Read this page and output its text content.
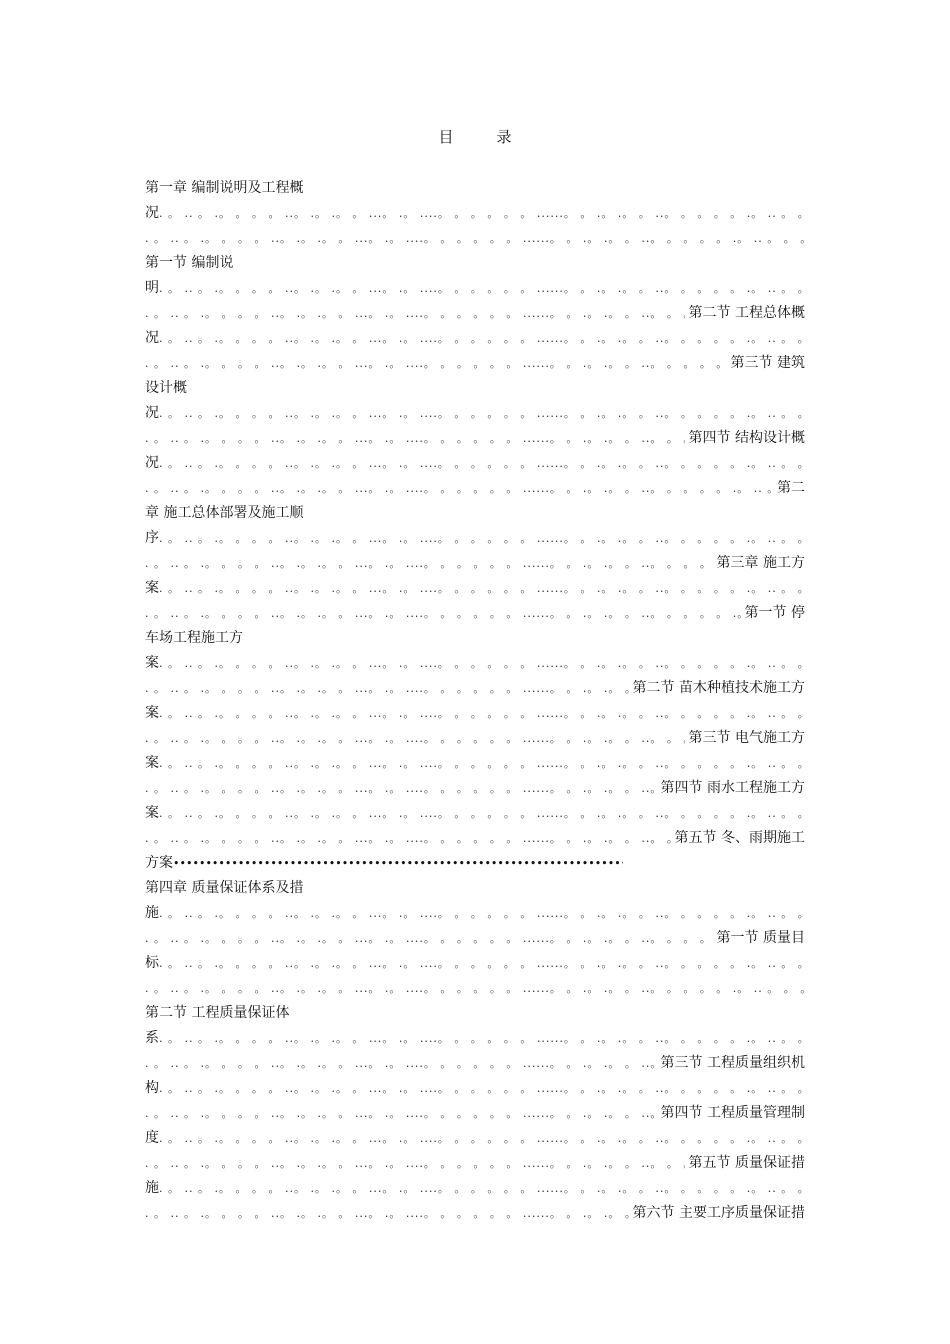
目　录
第一章 编制说明及工程概
况
. 。 .. 。 .。 。 。 。 ..。 .。 .。 。 ...。 .。 ....。 。 。 。 。 。 ......。 。 .。 .。 。 ..。 。 。 。 。 .。 .. 。 。 。 。 .。 。 .。 ...。 ..。 。 。 。 .....。 。 。 。 。 ..。 。 。 。 。 .。 。 .。 . . 。 。 。 .。 ..。 。 。 。 。 。 ..。 。 。 。 。 .。 。 。 。
. 。 .. 。 .。 。 。 。 ..。 .。 .。 。 ...。 .。 ....。 。 。 。 。 。 ......。 。 .。 .。 。 ..。 。 。 。 。 .。 .. 。 。 。 。 .。 。 .。 ...。 ..。 。 。 。 .....。 。 。 。 。 ..。 。 。 。 。 .。 。 .。 . . 。 。 。 .。 ..。 。 。 。 。 。 ..。 。 。 。 。 .。 。 。 。
第一节 编制说
明
. 。 .. 。 .。 。 。 。 ..。 .。 .。 。 ...。 .。 ....。 。 。 。 。 。 ......。 。 .。 .。 。 ..。 。 。 。 。 .。 .. 。 。 。 。 .。 。 .。 ...。 ..。 。 。 。 .....。 。 。 。 。 ..。 。 。 。 。 .。 。 .。 . . 。 。 。 .。 ..。 。 。 。 。 。 ..。 。 。 。 。 .。 。 。 。
. 。 .. 。 .。 。 。 。 ..。 .。 .。 。 ...。 .。 ....。 。 。 。 。 。 ......。 。 .。 .。 。 ..。 。 。 。 。 .。 .. 。 。 。 。 .。 。 .。 ...。 ..。 。 。 。 .....。 。 。 。 。 ..。 。 。 。 。 .。 。 .。 . . 。 。 。 .。 ..。 。 。 。 。 。 ..。 。 。 。 。 .。 。 。 。
第二节 工程总体概
况
. 。 .. 。 .。 。 。 。 ..。 .。 .。 。 ...。 .。 ....。 。 。 。 。 。 ......。 。 .。 .。 。 ..。 。 。 。 。 .。 .. 。 。 。 。 .。 。 .。 ...。 ..。 。 。 。 .....。 。 。 。 。 ..。 。 。 。 。 .。 。 .。 . . 。 。 。 .。 ..。 。 。 。 。 。 ..。 。 。 。 。 .。 。 。 。
. 。 .. 。 .。 。 。 。 ..。 .。 .。 。 ...。 .。 ....。 。 。 。 。 。 ......。 。 .。 .。 。 ..。 。 。 。 。 .。 .. 。 。 。 。 .。 。 .。 ...。 ..。 。 。 。 .....。 。 。 。 。 ..。 。 。 。 。 .。 。 .。 . . 。 。 。 .。 ..。 。 。 。 。 。 ..。 。 。 。 。 .。 。 。 。
第三节 建筑
设计概
况
. 。 .. 。 .。 。 。 。 ..。 .。 .。 。 ...。 .。 ....。 。 。 。 。 。 ......。 。 .。 .。 。 ..。 。 。 。 。 .。 .. 。 。 。 。 .。 。 .。 ...。 ..。 。 。 。 .....。 。 。 。 。 ..。 。 。 。 。 .。 。 .。 . . 。 。 。 .。 ..。 。 。 。 。 。 ..。 。 。 。 。 .。 。 。 。
. 。 .. 。 .。 。 。 。 ..。 .。 .。 。 ...。 .。 ....。 。 。 。 。 。 ......。 。 .。 .。 。 ..。 。 。 。 。 .。 .. 。 。 。 。 .。 。 .。 ...。 ..。 。 。 。 .....。 。 。 。 。 ..。 。 。 。 。 .。 。 .。 . . 。 。 。 .。 ..。 。 。 。 。 。 ..。 。 。 。 。 .。 。 。 。
第四节 结构设计概
况
. 。 .. 。 .。 。 。 。 ..。 .。 .。 。 ...。 .。 ....。 。 。 。 。 。 ......。 。 .。 .。 。 ..。 。 。 。 。 .。 .. 。 。 。 。 .。 。 .。 ...。 ..。 。 。 。 .....。 。 。 。 。 ..。 。 。 。 。 .。 。 .。 . . 。 。 。 .。 ..。 。 。 。 。 。 ..。 。 。 。 。 .。 。 。 。
. 。 .. 。 .。 。 。 。 ..。 .。 .。 。 ...。 .。 ....。 。 。 。 。 。 ......。 。 .。 .。 。 ..。 。 。 。 。 .。 .. 。 。 。 。 .。 。 .。 ...。 ..。 。 。 。 .....。 。 。 。 。 ..。 。 。 。 。 .。 。 .。 . . 。 。 。 .。 ..。 。 。 。 。 。 ..。 。 。 。 。 .。 。 。 。
第二
章 施工总体部署及施工顺
序
. 。 .. 。 .。 。 。 。 ..。 .。 .。 。 ...。 .。 ....。 。 。 。 。 。 ......。 。 .。 .。 。 ..。 。 。 。 。 .。 .. 。 。 。 。 .。 。 .。 ...。 ..。 。 。 。 .....。 。 。 。 。 ..。 。 。 。 。 .。 。 .。 . . 。 。 。 .。 ..。 。 。 。 。 。 ..。 。 。 。 。 .。 。 。 。
. 。 .. 。 .。 。 。 。 ..。 .。 .。 。 ...。 .。 ....。 。 。 。 。 。 ......。 。 .。 .。 。 ..。 。 。 。 。 .。 .. 。 。 。 。 .。 。 .。 ...。 ..。 。 。 。 .....。 。 。 。 。 ..。 。 。 。 。 .。 。 .。 . . 。 。 。 .。 ..。 。 。 。 。 。 ..。 。 。 。 。 .。 。 。 。
第三章 施工方
案
. 。 .. 。 .。 。 。 。 ..。 .。 .。 。 ...。 .。 ....。 。 。 。 。 。 ......。 。 .。 .。 。 ..。 。 。 。 。 .。 .. 。 。 。 。 .。 。 .。 ...。 ..。 。 。 。 .....。 。 。 。 。 ..。 。 。 。 。 .。 。 .。 . . 。 。 。 .。 ..。 。 。 。 。 。 ..。 。 。 。 。 .。 。 。 。
. 。 .. 。 .。 。 。 。 ..。 .。 .。 。 ...。 .。 ....。 。 。 。 。 。 ......。 。 .。 .。 。 ..。 。 。 。 。 .。 .. 。 。 。 。 .。 。 .。 ...。 ..。 。 。 。 .....。 。 。 。 。 ..。 。 。 。 。 .。 。 .。 . . 。 。 。 .。 ..。 。 。 。 。 。 ..。 。 。 。 。 .。 。 。 。
第一节 停
车场工程施工方
案
. 。 .. 。 .。 。 。 。 ..。 .。 .。 。 ...。 .。 ....。 。 。 。 。 。 ......。 。 .。 .。 。 ..。 。 。 。 。 .。 .. 。 。 。 。 .。 。 .。 ...。 ..。 。 。 。 .....。 。 。 。 。 ..。 。 。 。 。 .。 。 .。 . . 。 。 。 .。 ..。 。 。 。 。 。 ..。 。 。 。 。 .。 。 。 。
. 。 .. 。 .。 。 。 。 ..。 .。 .。 。 ...。 .。 ....。 。 。 。 。 。 ......。 。 .。 .。 。 ..。 。 。 。 。 .。 .. 。 。 。 。 .。 。 .。 ...。 ..。 。 。 。 .....。 。 。 。 。 ..。 。 。 。 。 .。 。 .。 . . 。 。 。 .。 ..。 。 。 。 。 。 ..。 。 。 。 。 .。 。 。 。
第二节 苗木种植技术施工方
案
. 。 .. 。 .。 。 。 。 ..。 .。 .。 。 ...。 .。 ....。 。 。 。 。 。 ......。 。 .。 .。 。 ..。 。 。 。 。 .。 .. 。 。 。 。 .。 。 .。 ...。 ..。 。 。 。 .....。 。 。 。 。 ..。 。 。 。 。 .。 。 .。 . . 。 。 。 .。 ..。 。 。 。 。 。 ..。 。 。 。 。 .。 。 。 。
. 。 .. 。 .。 。 。 。 ..。 .。 .。 。 ...。 .。 ....。 。 。 。 。 。 ......。 。 .。 .。 。 ..。 。 。 。 。 .。 .. 。 。 。 。 .。 。 .。 ...。 ..。 。 。 。 .....。 。 。 。 。 ..。 。 。 。 。 .。 。 .。 . . 。 。 。 .。 ..。 。 。 。 。 。 ..。 。 。 。 。 .。 。 。 。
第三节 电气施工方
案
. 。 .. 。 .。 。 。 。 ..。 .。 .。 。 ...。 .。 ....。 。 。 。 。 。 ......。 。 .。 .。 。 ..。 。 。 。 。 .。 .. 。 。 。 。 .。 。 .。 ...。 ..。 。 。 。 .....。 。 。 。 。 ..。 。 。 。 。 .。 。 .。 . . 。 。 。 .。 ..。 。 。 。 。 。 ..。 。 。 。 。 .。 。 。 。
. 。 .. 。 .。 。 。 。 ..。 .。 .。 。 ...。 .。 ....。 。 。 。 。 。 ......。 。 .。 .。 。 ..。 。 。 。 。 .。 .. 。 。 。 。 .。 。 .。 ...。 ..。 。 。 。 .....。 。 。 。 。 ..。 。 。 。 。 .。 。 .。 . . 。 。 。 .。 ..。 。 。 。 。 。 ..。 。 。 。 。 .。 。 。 。
第四节 雨水工程施工方
案
. 。 .. 。 .。 。 。 。 ..。 .。 .。 。 ...。 .。 ....。 。 。 。 。 。 ......。 。 .。 .。 。 ..。 。 。 。 。 .。 .. 。 。 。 。 .。 。 .。 ...。 ..。 。 。 。 .....。 。 。 。 。 ..。 。 。 。 。 .。 。 .。 . . 。 。 。 .。 ..。 。 。 。 。 。 ..。 。 。 。 。 .。 。 。 。
. 。 .. 。 .。 。 。 。 ..。 .。 .。 。 ...。 .。 ....。 。 。 。 。 。 ......。 。 .。 .。 。 ..。 。 。 。 。 .。 .. 。 。 。 。 .。 。 .。 ...。 ..。 。 。 。 .....。 。 。 。 。 ..。 。 。 。 。 .。 。 .。 . . 。 。 。 .。 ..。 。 。 。 。 。 ..。 。 。 。 。 .。 。 。 。
第五节 冬、雨期施工
方案
•••••
第四章 质量保证体系及措
施
. 。 .. 。 .。 。 。 。 ..。 .。 .。 。 ...。 .。 ....。 。 。 。 。 。 ......。 。 .。 .。 。 ..。 。 。 。 。 .。 .. 。 。 。 。 .。 。 .。 ...。 ..。 。 。 。 .....。 。 。 。 。 ..。 。 。 。 。 .。 。 .。 . . 。 。 。 .。 ..。 。 。 。 。 。 ..。 。 。 。 。 .。 。 。 。
. 。 .. 。 .。 。 。 。 ..。 .。 .。 。 ...。 .。 ....。 。 。 。 。 。 ......。 。 .。 .。 。 ..。 。 。 。 。 .。 .. 。 。 。 。 .。 。 .。 ...。 ..。 。 。 。 .....。 。 。 。 。 ..。 。 。 。 。 .。 。 .。 . . 。 。 。 .。 ..。 。 。 。 。 。 ..。 。 。 。 。 .。 。 。 。
第一节 质量目
标
. 。 .. 。 .。 。 。 。 ..。 .。 .。 。 ...。 .。 ....。 。 。 。 。 。 ......。 。 .。 .。 。 ..。 。 。 。 。 .。 .. 。 。 。 。 .。 。 .。 ...。 ..。 。 。 。 .....。 。 。 。 。 ..。 。 。 。 。 .。 。 .。 . . 。 。 。 .。 ..。 。 。 。 。 。 ..。 。 。 。 。 .。 。 。 。
. 。 .. 。 .。 。 。 。 ..。 .。 .。 。 ...。 .。 ....。 。 。 。 。 。 ......。 。 .。 .。 。 ..。 。 。 。 。 .。 .. 。 。 。 。 .。 。 .。 ...。 ..。 。 。 。 .....。 。 。 。 。 ..。 。 。 。 。 .。 。 .。 . . 。 。 。 .。 ..。 。 。 。 。 。 ..。 。 。 。 。 .。 。 。 。
第二节 工程质量保证体
系
. 。 .. 。 .。 。 。 。 ..。 .。 .。 。 ...。 .。 ....。 。 。 。 。 。 ......。 。 .。 .。 。 ..。 。 。 。 。 .。 .. 。 。 。 。 .。 。 .。 ...。 ..。 。 。 。 .....。 。 。 。 。 ..。 。 。 。 。 .。 。 .。 . . 。 。 。 .。 ..。 。 。 。 。 。 ..。 。 。 。 。 .。 。 。 。
. 。 .. 。 .。 。 。 。 ..。 .。 .。 。 ...。 .。 ....。 。 。 。 。 。 ......。 。 .。 .。 。 ..。 。 。 。 。 .。 .. 。 。 。 。 .。 。 .。 ...。 ..。 。 。 。 .....。 。 。 。 。 ..。 。 。 。 。 .。 。 .。 . . 。 。 。 .。 ..。 。 。 。 。 。 ..。 。 。 。 。 .。 。 。 。
第三节 工程质量组织机
构
. 。 .. 。 .。 。 。 。 ..。 .。 .。 。 ...。 .。 ....。 。 。 。 。 。 ......。 。 .。 .。 。 ..。 。 。 。 。 .。 .. 。 。 。 。 .。 。 .。 ...。 ..。 。 。 。 .....。 。 。 。 。 ..。 。 。 。 。 .。 。 .。 . . 。 。 。 .。 ..。 。 。 。 。 。 ..。 。 。 。 。 .。 。 。 。
. 。 .. 。 .。 。 。 。 ..。 .。 .。 。 ...。 .。 ....。 。 。 。 。 。 ......。 。 .。 .。 。 ..。 。 。 。 。 .。 .. 。 。 。 。 .。 。 .。 ...。 ..。 。 。 。 .....。 。 。 。 。 ..。 。 。 。 。 .。 。 .。 . . 。 。 。 .。 ..。 。 。 。 。 。 ..。 。 。 。 。 .。 。 。 。
第四节 工程质量管理制
度
. 。 .. 。 .。 。 。 。 ..。 .。 .。 。 ...。 .。 ....。 。 。 。 。 。 ......。 。 .。 .。 。 ..。 。 。 。 。 .。 .. 。 。 。 。 .。 。 .。 ...。 ..。 。 。 。 .....。 。 。 。 。 ..。 。 。 。 。 .。 。 .。 . . 。 。 。 .。 ..。 。 。 。 。 。 ..。 。 。 。 。 .。 。 。 。
. 。 .. 。 .。 。 。 。 ..。 .。 .。 。 ...。 .。 ....。 。 。 。 。 。 ......。 。 .。 .。 。 ..。 。 。 。 。 .。 .. 。 。 。 。 .。 。 .。 ...。 ..。 。 。 。 .....。 。 。 。 。 ..。 。 。 。 。 .。 。 .。 . . 。 。 。 .。 ..。 。 。 。 。 。 ..。 。 。 。 。 .。 。 。 。
第五节 质量保证措
施
. 。 .. 。 .。 。 。 。 ..。 .。 .。 。 ...。 .。 ....。 。 。 。 。 。 ......。 。 .。 .。 。 ..。 。 。 。 。 .。 .. 。 。 。 。 .。 。 .。 ...。 ..。 。 。 。 .....。 。 。 。 。 ..。 。 。 。 。 .。 。 .。 . . 。 。 。 .。 ..。 。 。 。 。 。 ..。 。 。 。 。 .。 。 。 。
. 。 .. 。 .。 。 。 。 ..。 .。 .。 。 ...。 .。 ....。 。 。 。 。 。 ......。 。 .。 .。 。 ..。 。 。 。 。 .。 .. 。 。 。 。 .。 。 .。 ...。 ..。 。 。 。 .....。 。 。 。 。 ..。 。 。 。 。 .。 。 .。 . . 。 。 。 .。 ..。 。 。 。 。 。 ..。 。 。 。 。 .。 。 。 。
第六节 主要工序质量保证措
